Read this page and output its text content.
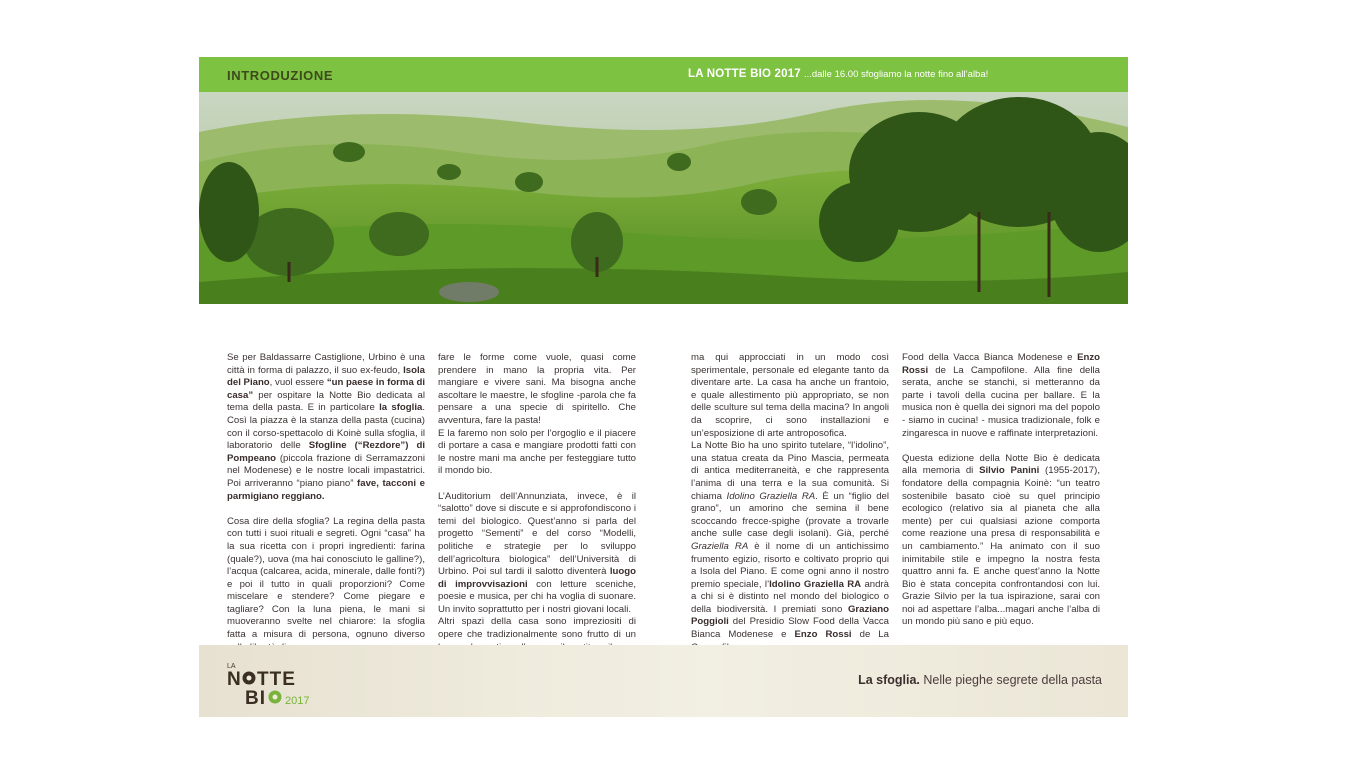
INTRODUZIONE	LA NOTTE BIO 2017 ...dalle 16.00 sfogliamo la notte fino all’alba!

Se per Baldassarre Castiglione, Urbino è una città in forma di palazzo, il suo ex-feudo, Isola del Piano, vuol essere “un paese in forma di casa” per ospitare la Notte Bio dedicata al tema della pasta. E in particolare la sfoglia. Così la piazza è la stanza della pasta (cucina) con il corso-spettacolo di Koinè sulla sfoglia, il laboratorio delle Sfogline (“Rezdore”) di Pompeano (piccola frazione di Serramazzoni nel Modenese) e le nostre locali impastatrici. Poi arriveranno “piano piano” fave, tacconi e parmigiano reggiano.

Cosa dire della sfoglia? La regina della pasta con tutti i suoi rituali e segreti. Ogni “casa” ha la sua ricetta con i propri ingredienti: farina (quale?), uova (ma hai conosciuto le galline?), l’acqua (calcarea, acida, minerale, dalle fonti?) e poi il tutto in quali proporzioni? Come miscelare e stendere? Come piegare e tagliare? Con la luna piena, le mani si muoveranno svelte nel chiarore: la sfoglia fatta a misura di persona, ognuno diverso

fare le forme come vuole, quasi come prendere in mano la propria vita. Per mangiare e vivere sani. Ma bisogna anche ascoltare le maestre, le sfogline -parola che fa pensare a una specie di spiritello. Che avventura, fare la pasta!
E la faremo non solo per l’orgoglio e il piacere di portare a casa e mangiare prodotti fatti con le nostre mani ma anche per festeggiare tutto il mondo bio.

L’Auditorium dell’Annunziata, invece, è il “salotto” dove si discute e si approfondiscono i temi del biologico. Quest’anno si parla del progetto “Sementi” e del corso “Modelli, politiche e strategie per lo sviluppo dell’agricoltura biologica” dell’Università di Urbino. Poi sul tardi il salotto diventerà luogo di improvvisazioni con letture sceniche, poesie e musica, per chi ha voglia di suonare. Un invito soprattutto per i nostri giovani locali.
Altri spazi della casa sono impreziositi di opere che tradizionalmente sono frutto di un

ma qui approcciati in un modo così sperimentale, personale ed elegante tanto da diventare arte. La casa ha anche un frantoio, e quale allestimento più appropriato, se non delle sculture sul tema della macina? In angoli da scoprire, ci sono installazioni e un’esposizione di arte antroposofica.
La Notte Bio ha uno spirito tutelare, “l’idolino”, una statua creata da Pino Mascia, permeata di antica mediterraneità, e che rappresenta l’anima di una terra e la sua comunità. Si chiama Idolino Graziella RA. È un “figlio del grano”, un amorino che semina il bene scoccando frecce-spighe (provate a trovarle anche sulle case degli isolani). Già, perché Graziella RA è il nome di un antichissimo frumento egizio, risorto e coltivato proprio qui a Isola del Piano. E come ogni anno il nostro premio speciale, l’Idolino Graziella RA andrà a chi si è distinto nel mondo del biologico o della biodiversità. I premiati sono Graziano Poggioli del Presidio Slow Food della Vacca Bianca Modenese e Enzo Rossi de La

Food della Vacca Bianca Modenese e Enzo Rossi de La Campofilone. Alla fine della serata, anche se stanchi, si metteranno da parte i tavoli della cucina per ballare. E la musica non è quella dei signori ma del popolo - siamo in cucina! - musica tradizionale, folk e zingaresca in nuove e raffinate interpretazioni.

Questa edizione della Notte Bio è dedicata alla memoria di Silvio Panini (1955-2017), fondatore della compagnia Koinè: “un teatro sostenibile basato cioè su quel principio ecologico (relativo sia al pianeta che alla mente) per cui qualsiasi azione comporta come reazione una presa di responsabilità e un cambiamento.” Ha animato con il suo inimitabile stile e impegno la nostra festa quattro anni fa. E anche quest’anno la Notte Bio è stata concepita confrontandosi con lui. Grazie Silvio per la tua ispirazione, sarai con noi ad aspettare l’alba...magari anche l’alba di un mondo più sano e più equo.

LA
N TTE
BI 2017
La sfoglia. Nelle pieghe segrete della pasta
